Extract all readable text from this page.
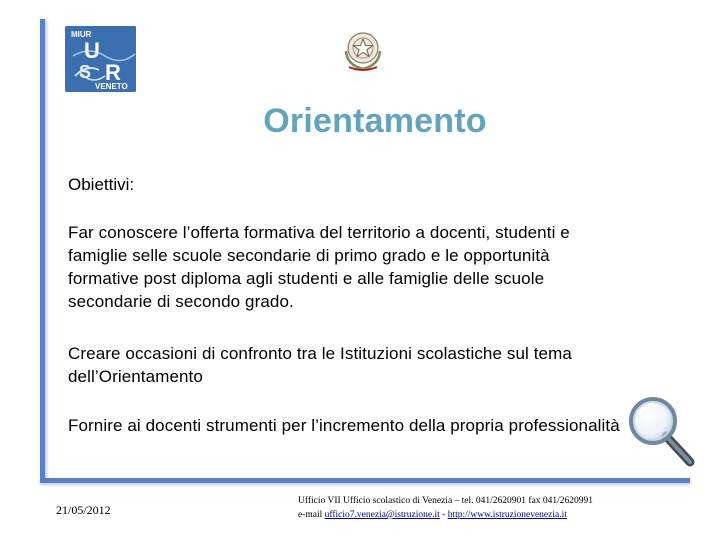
MIUR
U
S R
VENETO
Orientamento
Obiettivi:
Far conoscere l’offerta formativa del territorio a docenti, studenti e
famiglie selle scuole secondarie di primo grado e le opportunità
formative post diploma agli studenti e alle famiglie delle scuole
secondarie di secondo grado.
Creare occasioni di confronto tra le Istituzioni scolastiche sul tema
dell’Orientamento
Fornire ai docenti strumenti per l’incremento della propria professionalità
21/05/2012
Ufficio VII Ufficio scolastico di Venezia – tel. 041/2620901 fax 041/2620991
e-mail ufficio7.venezia@istruzione.it - http://www.istruzionevenezia.it
